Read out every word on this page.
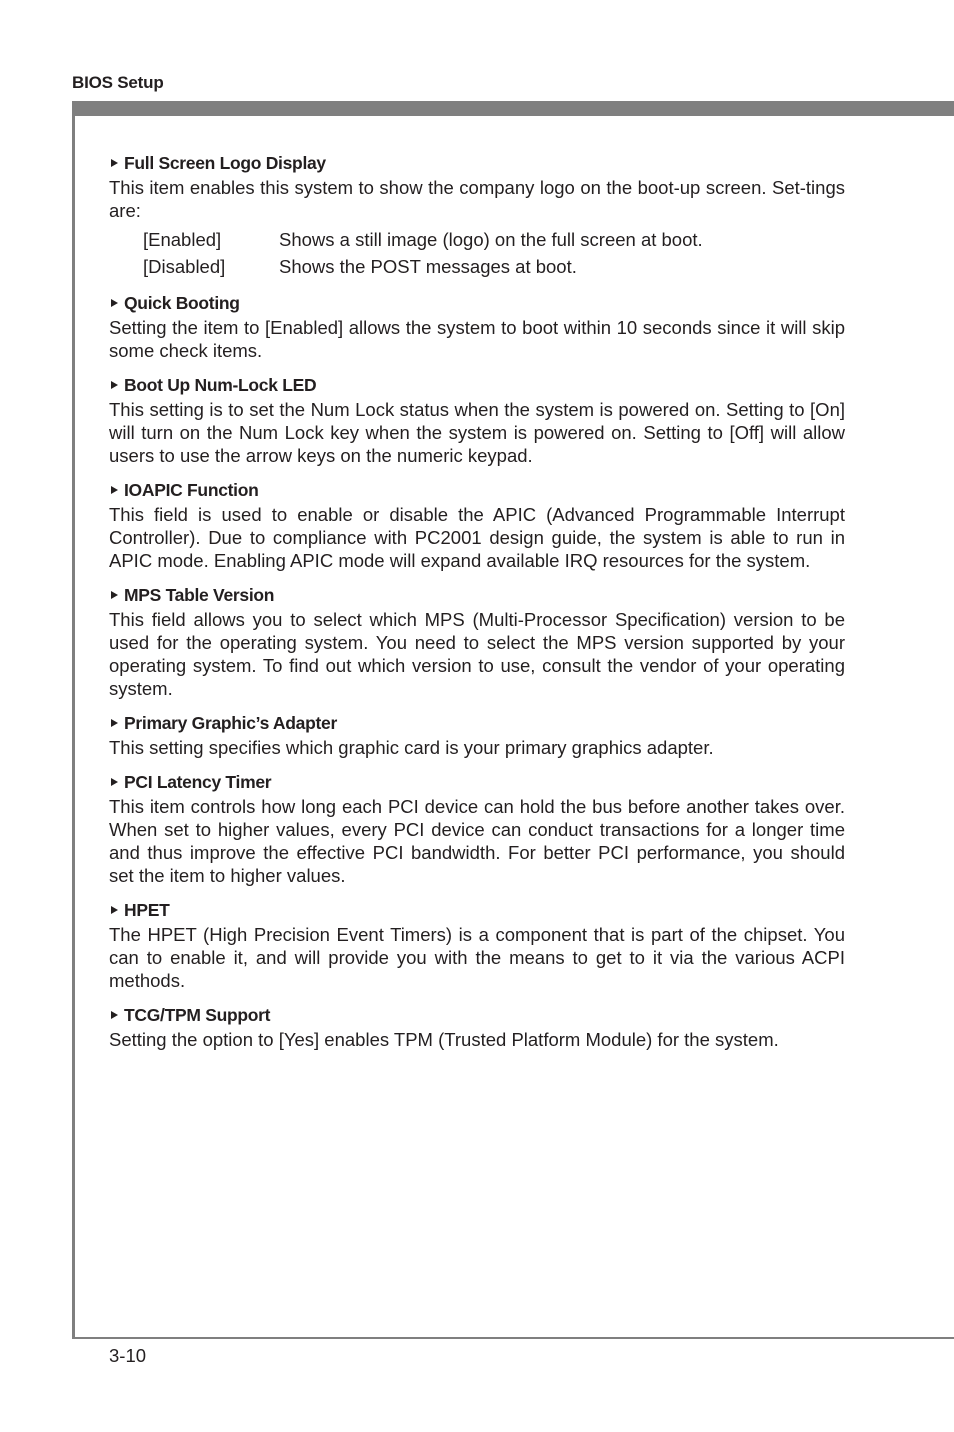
BIOS Setup
Full Screen Logo Display

This item enables this system to show the company logo on the boot-up screen. Set-tings are:

[Enabled]	Shows a still image (logo) on the full screen at boot.
[Disabled]	Shows the POST messages at boot.
Quick Booting

Setting the item to [Enabled] allows the system to boot within 10 seconds since it will skip some check items.

Boot Up Num-Lock LED

This setting is to set the Num Lock status when the system is powered on. Setting to [On] will turn on the Num Lock key when the system is powered on. Setting to [Off] will allow users to use the arrow keys on the numeric keypad.

IOAPIC Function

This field is used to enable or disable the APIC (Advanced Programmable Interrupt Controller). Due to compliance with PC2001 design guide, the system is able to run in APIC mode. Enabling APIC mode will expand available IRQ resources for the system.

MPS Table Version

This field allows you to select which MPS (Multi-Processor Specification) version to be used for the operating system. You need to select the MPS version supported by your operating system. To find out which version to use, consult the vendor of your operating system.

Primary Graphic’s Adapter

This setting specifies which graphic card is your primary graphics adapter.

PCI Latency Timer

This item controls how long each PCI device can hold the bus before another takes over. When set to higher values, every PCI device can conduct transactions for a longer time and thus improve the effective PCI bandwidth. For better PCI performance, you should set the item to higher values.

HPET

The HPET (High Precision Event Timers) is a component that is part of the chipset. You can to enable it, and will provide you with the means to get to it via the various ACPI methods.

TCG/TPM Support

Setting the option to [Yes] enables TPM (Trusted Platform Module) for the system.

3-10
